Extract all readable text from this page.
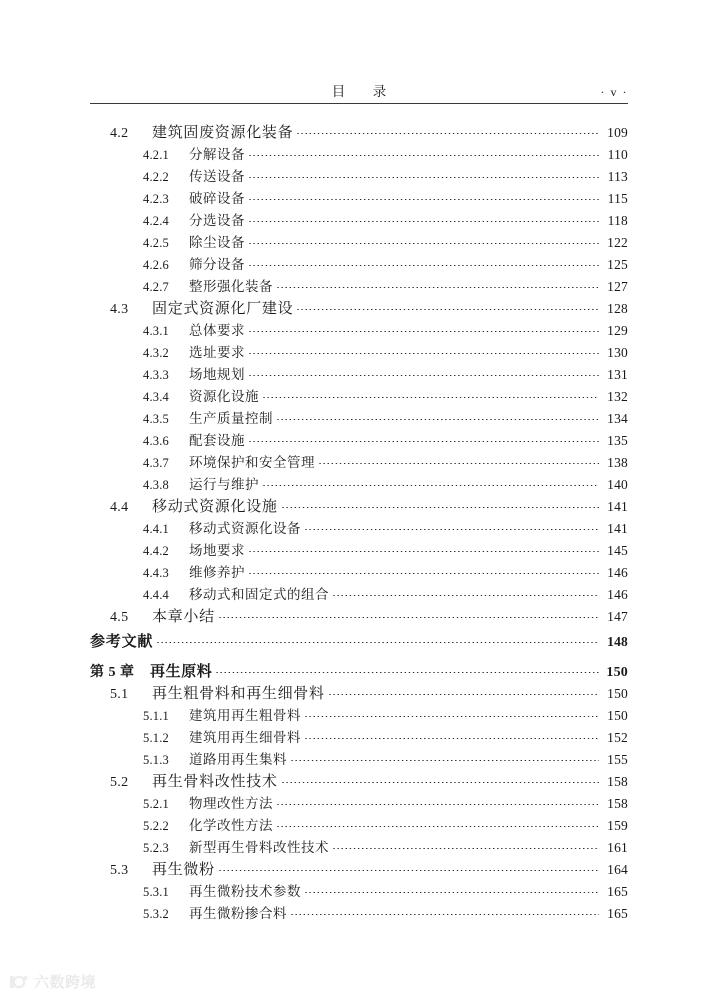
目　录	· v ·
4.2	建筑固废资源化装备	109
4.2.1	分解设备	110
4.2.2	传送设备	113
4.2.3	破碎设备	115
4.2.4	分选设备	118
4.2.5	除尘设备	122
4.2.6	筛分设备	125
4.2.7	整形强化装备	127
4.3	固定式资源化厂建设	128
4.3.1	总体要求	129
4.3.2	选址要求	130
4.3.3	场地规划	131
4.3.4	资源化设施	132
4.3.5	生产质量控制	134
4.3.6	配套设施	135
4.3.7	环境保护和安全管理	138
4.3.8	运行与维护	140
4.4	移动式资源化设施	141
4.4.1	移动式资源化设备	141
4.4.2	场地要求	145
4.4.3	维修养护	146
4.4.4	移动式和固定式的组合	146
4.5	本章小结	147
参考文献	148
第 5 章	再生原料	150
5.1	再生粗骨料和再生细骨料	150
5.1.1	建筑用再生粗骨料	150
5.1.2	建筑用再生细骨料	152
5.1.3	道路用再生集料	155
5.2	再生骨料改性技术	158
5.2.1	物理改性方法	158
5.2.2	化学改性方法	159
5.2.3	新型再生骨料改性技术	161
5.3	再生微粉	164
5.3.1	再生微粉技术参数	165
5.3.2	再生微粉掺合料	165
六数跨境
